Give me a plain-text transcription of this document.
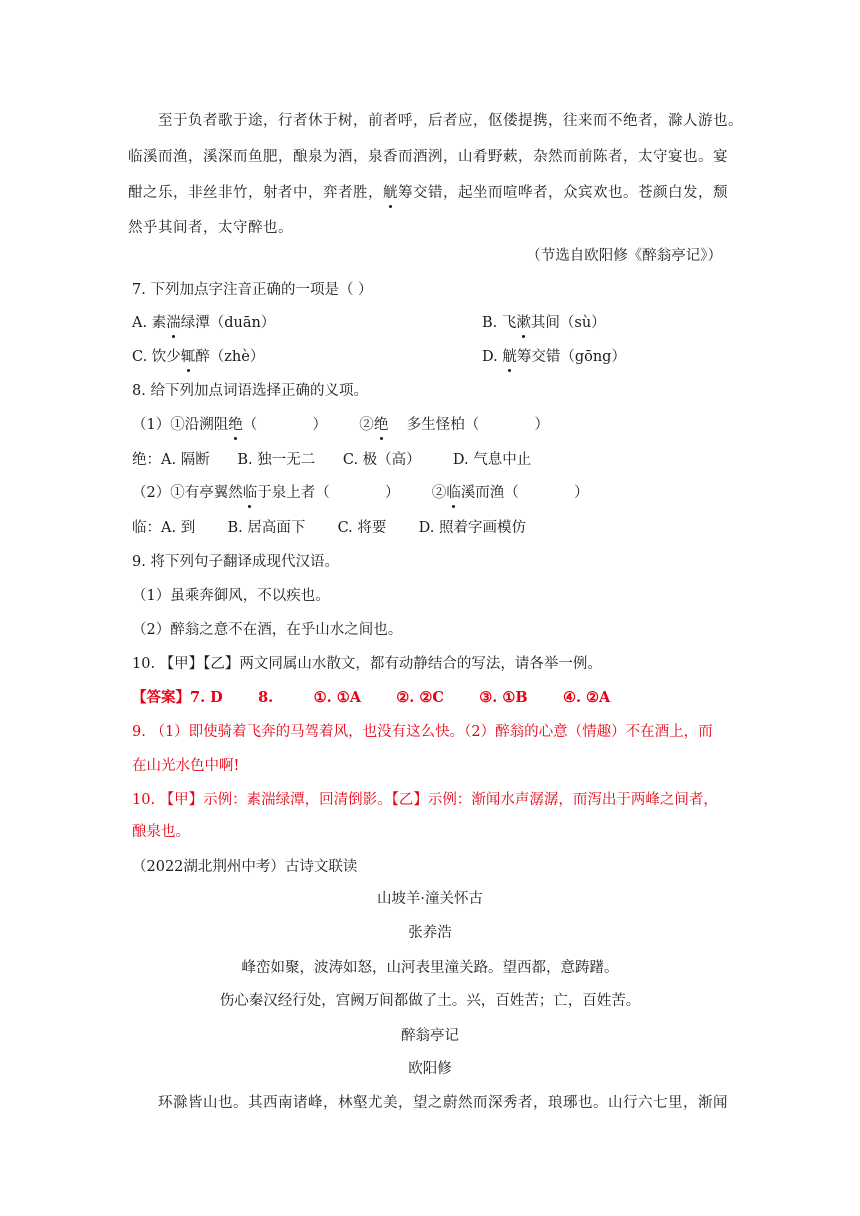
至于负者歌于途，行者休于树，前者呼，后者应，伛偻提携，往来而不绝者，滁人游也。
临溪而渔，溪深而鱼肥，酿泉为酒，泉香而酒洌，山肴野蔌，杂然而前陈者，太守宴也。宴
酣之乐，非丝非竹，射者中，弈者胜，觥筹交错，起坐而喧哗者，众宾欢也。苍颜白发，颓
然乎其间者，太守醉也。
（节选自欧阳修《醉翁亭记》）
7. 下列加点字注音正确的一项是（ ）
A. 素湍绿潭（duān）	B. 飞漱其间（sù）
C. 饮少辄醉（zhè）	D. 觥筹交错（gōng）
8. 给下列加点词语选择正确的义项。
（1）①沿溯阻绝（            ）       ②绝    多生怪柏（            ）
绝：A. 隔断      B. 独一无二      C. 极（高）       D. 气息中止
（2）①有亭翼然临于泉上者（            ）       ②临溪而渔（            ）
临：A. 到       B. 居高面下       C. 将要       D. 照着字画模仿
9. 将下列句子翻译成现代汉语。
（1）虽乘奔御风，不以疾也。
（2）醉翁之意不在酒，在乎山水之间也。
10. 【甲】【乙】两文同属山水散文，都有动静结合的写法，请各举一例。
【答案】7. D       8.        ①. ①A       ②. ②C       ③. ①B       ④. ②A
9. （1）即使骑着飞奔的马驾着风，也没有这么快。（2）醉翁的心意（情趣）不在酒上，而
在山光水色中啊!
10. 【甲】示例：素湍绿潭，回清倒影。【乙】示例：渐闻水声潺潺，而泻出于两峰之间者，
酿泉也。
（2022湖北荆州中考）古诗文联读
山坡羊·潼关怀古
张养浩
峰峦如聚，波涛如怒，山河表里潼关路。望西都，意踌躇。
伤心秦汉经行处，宫阙万间都做了土。兴，百姓苦；亡，百姓苦。
醉翁亭记
欧阳修
环滁皆山也。其西南诸峰，林壑尤美，望之蔚然而深秀者，琅琊也。山行六七里，渐闻
